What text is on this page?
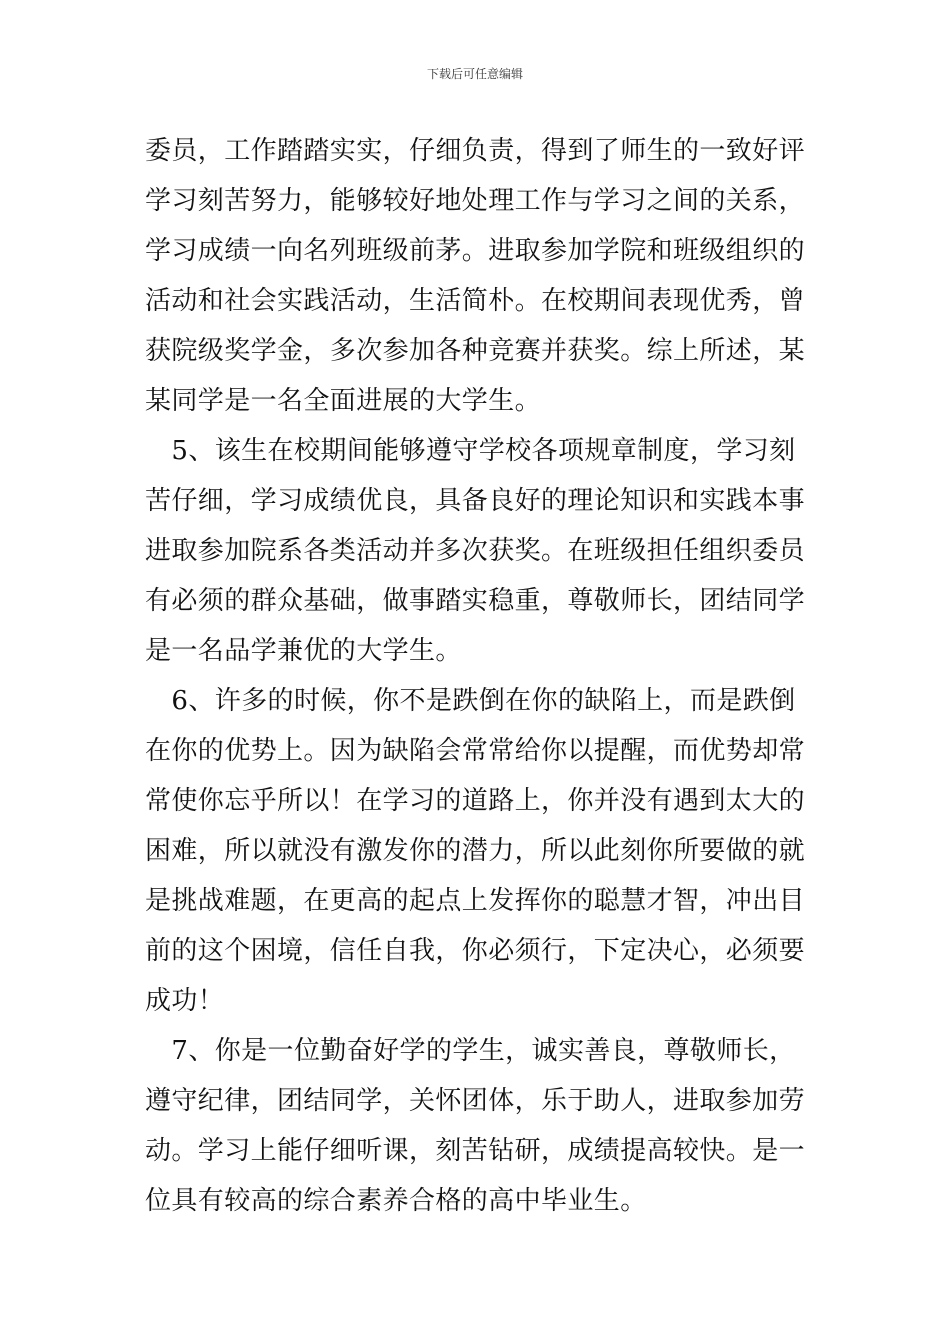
下载后可任意编辑
委员，工作踏踏实实，仔细负责，得到了师生的一致好评
学习刻苦努力，能够较好地处理工作与学习之间的关系，
学习成绩一向名列班级前茅。进取参加学院和班级组织的
活动和社会实践活动，生活简朴。在校期间表现优秀，曾
获院级奖学金，多次参加各种竞赛并获奖。综上所述，某
某同学是一名全面进展的大学生。
　5、该生在校期间能够遵守学校各项规章制度，学习刻
苦仔细，学习成绩优良，具备良好的理论知识和实践本事
进取参加院系各类活动并多次获奖。在班级担任组织委员
有必须的群众基础，做事踏实稳重，尊敬师长，团结同学
是一名品学兼优的大学生。
　6、许多的时候，你不是跌倒在你的缺陷上，而是跌倒
在你的优势上。因为缺陷会常常给你以提醒，而优势却常
常使你忘乎所以！在学习的道路上，你并没有遇到太大的
困难，所以就没有激发你的潜力，所以此刻你所要做的就
是挑战难题，在更高的起点上发挥你的聪慧才智，冲出目
前的这个困境，信任自我，你必须行，下定决心，必须要
成功！
　7、你是一位勤奋好学的学生，诚实善良，尊敬师长，
遵守纪律，团结同学，关怀团体，乐于助人，进取参加劳
动。学习上能仔细听课，刻苦钻研，成绩提高较快。是一
位具有较高的综合素养合格的高中毕业生。
